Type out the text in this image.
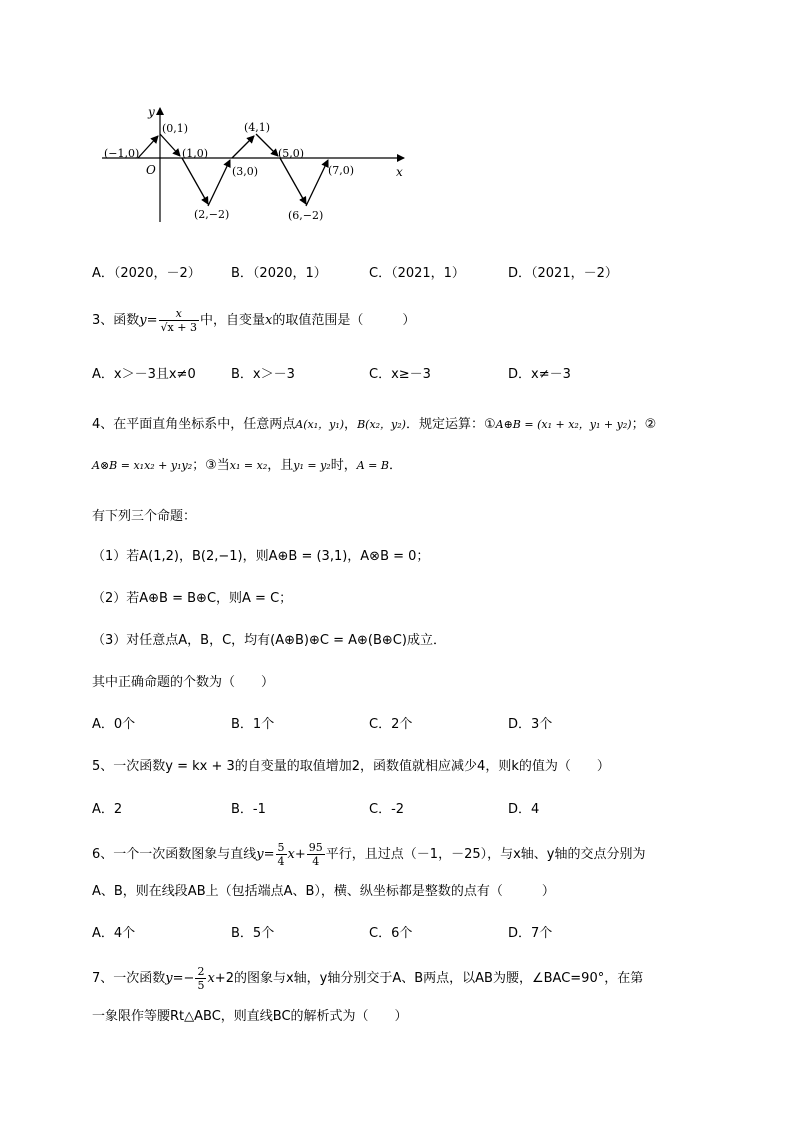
y
x
O
(−1,0)
(0,1)
(1,0)
(2,−2)
(3,0)
(4,1)
(5,0)
(6,−2)
(7,0)
A．（2020，－2） B．（2020，1）	C．（2021，1）	D．（2021，－2）
3、函数$y= \frac{x}{√x + 3}$ 中，自变量x的取值范围是（　　　）
A．x＞－3且x≠0	B．x＞－3	C．x≥－3	D．x≠－3
4、在平面直角坐标系中，任意两点A(x₁，y₁)，B(x₂，y₂)．规定运算：①A⊕B = (x₁ + x₂，y₁ + y₂)；②
A⊗B = x₁x₂ + y₁y₂；③当x₁ = x₂，且y₁ = y₂时，A = B．
有下列三个命题：
（1）若A(1,2)，B(2,−1)，则A⊕B = (3,1)，A⊗B = 0；
（2）若A⊕B = B⊕C，则A = C；
（3）对任意点A，B，C，均有(A⊕B)⊕C = A⊕(B⊕C)成立．
其中正确命题的个数为（　　）
A．0个	B．1个	C．2个	D．3个
5、一次函数y = kx + 3的自变量的取值增加2，函数值就相应减少4，则k的值为（　　）
A．2	B．-1	C．-2	D．4
6、一个一次函数图象与直线$y= \frac{5}{4} x+ \frac{95}{4}$ 平行，且过点（－1，－25），与x轴、y轴的交点分别为
A、B，则在线段AB上（包括端点A、B），横、纵坐标都是整数的点有（　　　）
A．4个	B．5个	C．6个	D．7个
7、一次函数$y=- \frac{2}{5} x+2$的图象与x轴，y轴分别交于A、B两点，以AB为腰，∠BAC=90°，在第
一象限作等腰Rt△ABC，则直线BC的解析式为（　　）
